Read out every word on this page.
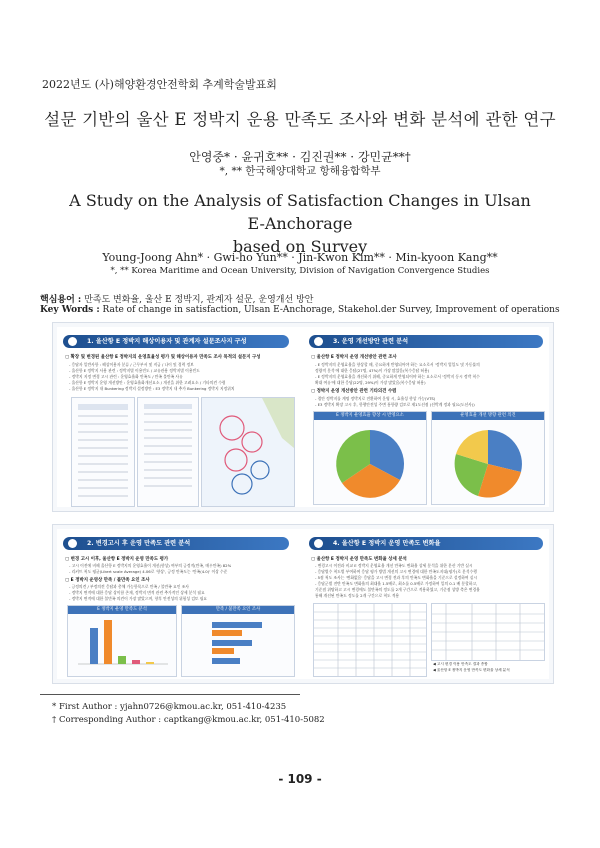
2022년도 (사)해양환경안전학회 추계학술발표회
설문 기반의 울산 E 정박지 운용 만족도 조사와 변화 분석에 관한 연구
안영중* · 윤귀호** · 김진권** · 강민균**†
*, ** 한국해양대학교 항해융합학부
A Study on the Analysis of Satisfaction Changes in Ulsan E-Anchorage
based on Survey
Young-Joong Ahn* · Gwi-ho Yun** · Jin-Kwon Kim** · Min-kyoon Kang**
*, ** Korea Maritime and Ocean University, Division of Navigation Convergence Studies
핵심용어 : 만족도 변화율, 울산 E 정박지, 관계자 설문, 운영개선 방안
Key Words : Rate of change in satisfaction, Ulsan E-Anchorage, Stakehol.der Survey, Improvement of operations
1. 울산항 E 정박지 해상이용자 및 관계자 설문조사지 구성
▢ 확장 및 변경된 울산항 E 정박지의 운영효율성 평가 및 해상이용자 만족도 조사 목적의 설문지 구성
- 응답자 일반사항 : 해상이용자 분류 / 근무부서 및 직급 / 나이 및 경력 정보
- 울산항 E 정박지 사용 관련 : 정박지별 이용빈도 / 교유관용 정박지별 이용빈도
- 정박지 지정 변경 고시 관련 : 운영효율화 만족도 / 만족 불만족 사유
- 울산항 E 정박지 운영 개선방안 : 운영효율화개선요소 / 개선을 위한 고려요소 / 기타의견 수렴
- 울산항 E 정박지 내 Bunkering 정박지 설정방안 : E3 정박지 내 추가 Bunkering 정박지 지정위치
3. 운영 개선방안 관련 분석
▢ 울산항 E 정박지 운영 개선방안 관련 조사
- E 정박지의 운영효율을 향상할 때, 중요하게 반영되어야 하는 요소로서 '정박지 업입도 및 가동률의
정량적 분석'에 대한 응답(27명, 47%)이 가장 많았음(복수응답 허용)
- E 정박지의 운영효율을 개선하기 위해, 중요하게 반영되어야 하는 요소로서 '정박지 동시 정박 척수
확대 여유'에 대한 응답(22명, 29%)이 가장 많았음(복수응답 허용)
▢ 정박지 운영 개선방안 관련 기타의견 수렴
- 접안 정박지를 계명 정박지로 전환하여 운영 시, 효율성 향상 가능(VTS)
- E3 정박지 확장 고시 후, 항행안전성 주변 통항량 검토로 제1도선점 (선박계 정과 필요(도선사))
E 정박지 운영효율 향상 시 반영요소	운영효율 개선 방향 관련 의견
2. 변경고시 후 운영 만족도 관련 분석
▢ 변경 고시 이후, 울산항 E 정박지 운영 만족도 평가
- 고시 이전에 비해 울산항 E 정박지의 운영효율이 개선(향상) 여부의 긍정적(만족, 매우만족) 82%
- 리커트 척도 평균(Likert scale Average) 4.06로 '향상', 긍정 만족도는 '만족(4.0)' 이상 수준
▢ E 정박지 운영상 만족 / 불만족 요인 조사
- 긍정의견 / 부정의견 응답과 총체 가능항목으로 만족 / 불만족 요인 조사
- 정박지 면적에 대한 응답 상이함 존재, 정박지 면적 관련 추가적인 상세 분석 필요
- 정박지 면적에 대한 불만족 의견이 가장 많았으며, 향후 안전성의 위험성 검토 필요
E 정박지 운영 만족도 분석	만족 / 불만족 요인 조사
4. 울산항 E 정박지 운영 만족도 변화율
▢ 울산항 E 정박지 운영 만족도 변화율 상세 분석
- 변경고시 이전과 비교 E 정박지 운영효율 개선 만족도 변화율 상세 분석을 위한 분산 기반 실시
- 응답별수 척도별 부여하여 응답 평가 방법 개선의 고시 변경에 대한 만족도지대(평가)로 분석수행
- 5점 척도 조사는 '변화없음' 응답을 고시 변경 전과 후의 만족도 변화율을 기준으로 설정하여 실시
- 응답군별 전반 만족도 변화율의 최대율 1.5배로, 최소를 0.5배로 가정하여 일의 0.1 배 분할하고,
기준점 위탑하고 고시 변경에도 불만족의 정도를 2개 구간으로 적용하였고, 기준점 상방 측은 변경율
통해 개선된 만족도 정도를 2개 구간으로 척도 적용
◀ 고시 변경 이용 만족도 결과 종합
◀ 울산항 E 정박지 운영 만족도 변화율 상세 분석
* First Author : yjahn0726@kmou.ac.kr, 051-410-4235
† Corresponding Author : captkang@kmou.ac.kr, 051-410-5082
- 109 -
